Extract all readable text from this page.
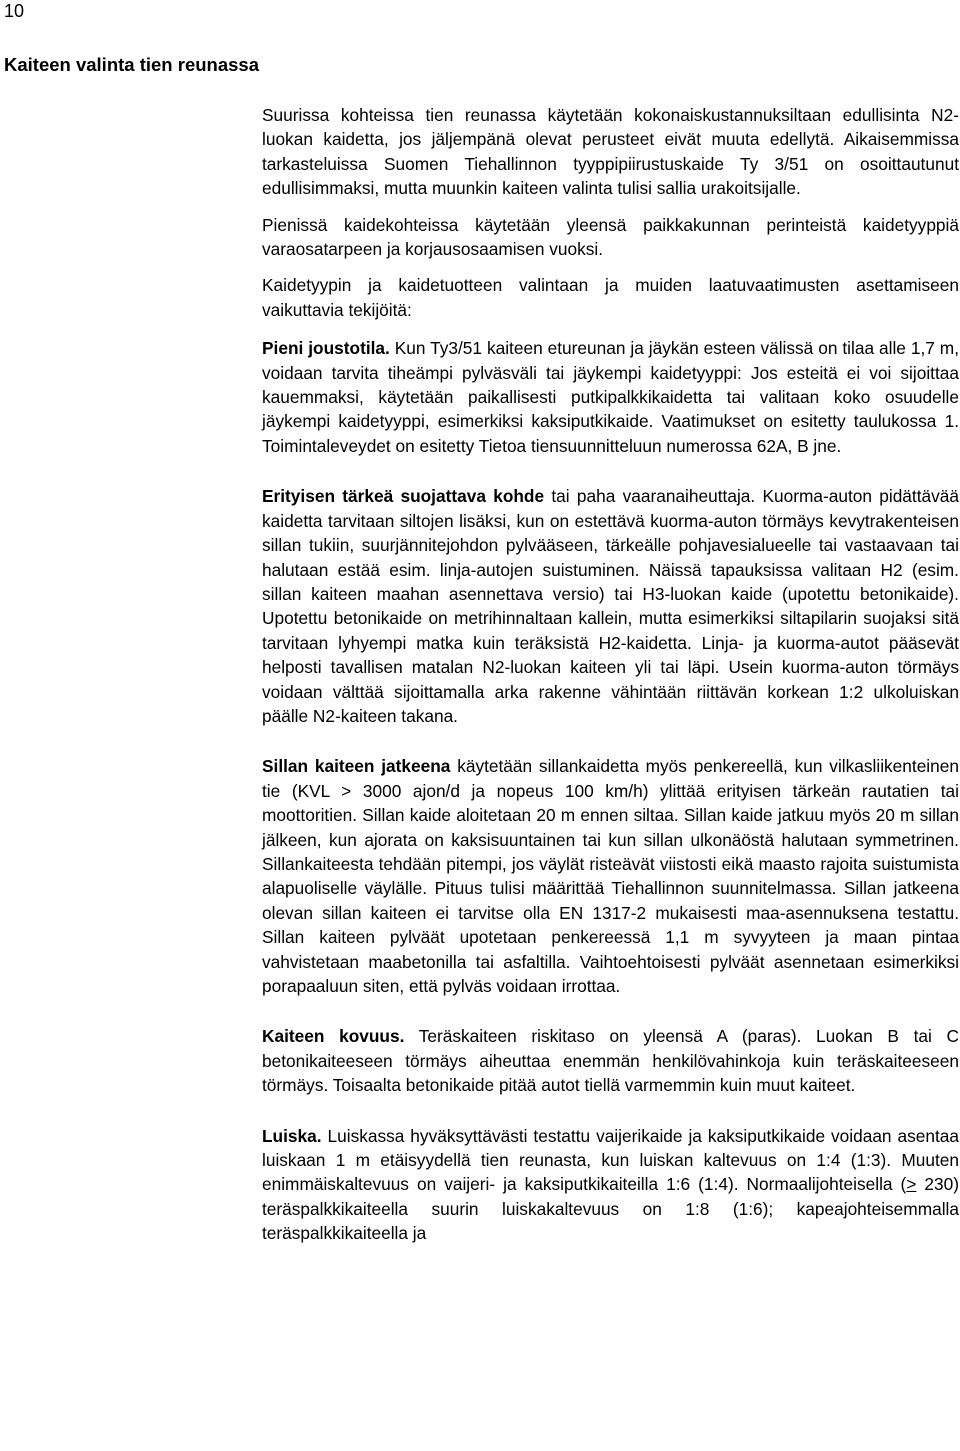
10
Kaiteen valinta tien reunassa

Suurissa kohteissa tien reunassa käytetään kokonaiskustannuksiltaan edullisinta N2-luokan kaidetta, jos jäljempänä olevat perusteet eivät muuta edellytä. Aikaisemmissa tarkasteluissa Suomen Tiehallinnon tyyppipiirustuskaide Ty 3/51 on osoittautunut edullisimmaksi, mutta muunkin kaiteen valinta tulisi sallia urakoitsijalle.

Pienissä kaidekohteissa käytetään yleensä paikkakunnan perinteistä kaidetyyppiä varaosatarpeen ja korjausosaamisen vuoksi.

Kaidetyypin ja kaidetuotteen valintaan ja muiden laatuvaatimusten asettamiseen vaikuttavia tekijöitä:

Pieni joustotila. Kun Ty3/51 kaiteen etureunan ja jäykän esteen välissä on tilaa alle 1,7 m, voidaan tarvita tiheämpi pylväsväli tai jäykempi kaidetyyppi: Jos esteitä ei voi sijoittaa kauemmaksi, käytetään paikallisesti putkipalkkikaidetta tai valitaan koko osuudelle jäykempi kaidetyyppi, esimerkiksi kaksiputkikaide. Vaatimukset on esitetty taulukossa 1. Toimintaleveydet on esitetty Tietoa tiensuunnitteluun numerossa 62A, B jne.

Erityisen tärkeä suojattava kohde tai paha vaaranaiheuttaja. Kuorma-auton pidättävää kaidetta tarvitaan siltojen lisäksi, kun on estettävä kuorma-auton törmäys kevytrakenteisen sillan tukiin, suurjännitejohdon pylvääseen, tärkeälle pohjavesialueelle tai vastaavaan tai halutaan estää esim. linja-autojen suistuminen. Näissä tapauksissa valitaan H2 (esim. sillan kaiteen maahan asennettava versio) tai H3-luokan kaide (upotettu betonikaide). Upotettu betonikaide on metrihinnaltaan kallein, mutta esimerkiksi siltapilarin suojaksi sitä tarvitaan lyhyempi matka kuin teräksistä H2-kaidetta. Linja- ja kuorma-autot pääsevät helposti tavallisen matalan N2-luokan kaiteen yli tai läpi. Usein kuorma-auton törmäys voidaan välttää sijoittamalla arka rakenne vähintään riittävän korkean 1:2 ulkoluiskan päälle N2-kaiteen takana.

Sillan kaiteen jatkeena käytetään sillankaidetta myös penkereellä, kun vilkasliikenteinen tie (KVL > 3000 ajon/d ja nopeus 100 km/h) ylittää erityisen tärkeän rautatien tai moottoritien. Sillan kaide aloitetaan 20 m ennen siltaa. Sillan kaide jatkuu myös 20 m sillan jälkeen, kun ajorata on kaksisuuntainen tai kun sillan ulkonäöstä halutaan symmetrinen. Sillankaiteesta tehdään pitempi, jos väylät risteävät viistosti eikä maasto rajoita suistumista alapuoliselle väylälle. Pituus tulisi määrittää Tiehallinnon suunnitelmassa. Sillan jatkeena olevan sillan kaiteen ei tarvitse olla EN 1317-2 mukaisesti maa-asennuksena testattu. Sillan kaiteen pylväät upotetaan penkereessä 1,1 m syvyyteen ja maan pintaa vahvistetaan maabetonilla tai asfaltilla. Vaihtoehtoisesti pylväät asennetaan esimerkiksi porapaaluun siten, että pylväs voidaan irrottaa.

Kaiteen kovuus. Teräskaiteen riskitaso on yleensä A (paras). Luokan B tai C betonikaiteeseen törmäys aiheuttaa enemmän henkilövahinkoja kuin teräskaiteeseen törmäys. Toisaalta betonikaide pitää autot tiellä varmemmin kuin muut kaiteet.

Luiska. Luiskassa hyväksyttävästi testattu vaijerikaide ja kaksiputkikaide voidaan asentaa luiskaan 1 m etäisyydellä tien reunasta, kun luiskan kaltevuus on 1:4 (1:3). Muuten enimmäiskaltevuus on vaijeri- ja kaksiputkikaiteilla 1:6 (1:4). Normaalijohteisella (> 230) teräspalkkikaiteella suurin luiskakaltevuus on 1:8 (1:6); kapeajohteisemmalla teräspalkkikaiteella ja
